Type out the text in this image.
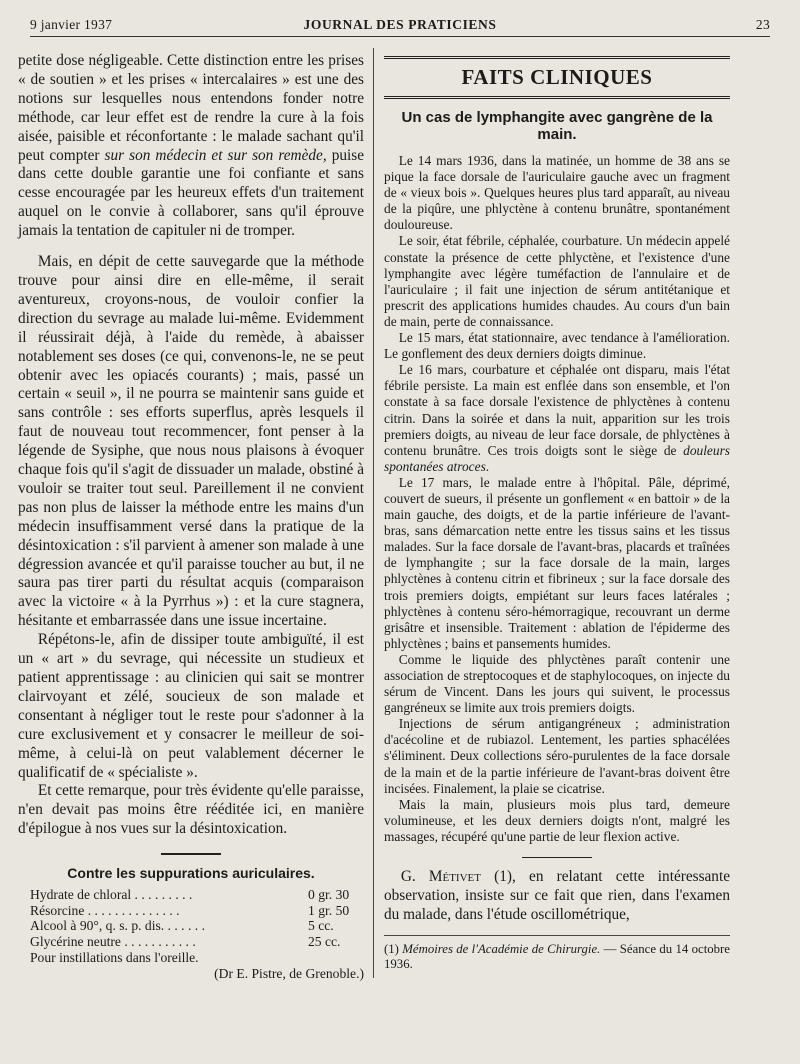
9 janvier 1937	JOURNAL DES PRATICIENS	23

petite dose négligeable. Cette distinction entre les prises « de soutien » et les prises « intercalaires » est une des notions sur lesquelles nous entendons fonder notre méthode, car leur effet est de rendre la cure à la fois aisée, paisible et réconfortante : le malade sachant qu'il peut compter sur son médecin et sur son remède, puise dans cette double garantie une foi confiante et sans cesse encouragée par les heureux effets d'un traitement auquel on le convie à collaborer, sans qu'il éprouve jamais la tentation de capituler ni de tromper.

Mais, en dépit de cette sauvegarde que la méthode trouve pour ainsi dire en elle-même, il serait aventureux, croyons-nous, de vouloir confier la direction du sevrage au malade lui-même. Evidemment il réussirait déjà, à l'aide du remède, à abaisser notablement ses doses (ce qui, convenons-le, ne se peut obtenir avec les opiacés courants) ; mais, passé un certain « seuil », il ne pourra se maintenir sans guide et sans contrôle : ses efforts superflus, après lesquels il faut de nouveau tout recommencer, font penser à la légende de Sysiphe, que nous nous plaisons à évoquer chaque fois qu'il s'agit de dissuader un malade, obstiné à vouloir se traiter tout seul. Pareillement il ne convient pas non plus de laisser la méthode entre les mains d'un médecin insuffisamment versé dans la pratique de la désintoxication : s'il parvient à amener son malade à une dégression avancée et qu'il paraisse toucher au but, il ne saura pas tirer parti du résultat acquis (comparaison avec la victoire « à la Pyrrhus ») : et la cure stagnera, hésitante et embarrassée dans une issue incertaine.

Répétons-le, afin de dissiper toute ambiguïté, il est un « art » du sevrage, qui nécessite un studieux et patient apprentissage : au clinicien qui sait se montrer clairvoyant et zélé, soucieux de son malade et consentant à négliger tout le reste pour s'adonner à la cure exclusivement et y consacrer le meilleur de soi-même, à celui-là on peut valablement décerner le qualificatif de « spécialiste ».

Et cette remarque, pour très évidente qu'elle paraisse, n'en devait pas moins être rééditée ici, en manière d'épilogue à nos vues sur la désintoxication.

Contre les suppurations auriculaires.

Hydrate de chloral . . . . . . . . .	0 gr. 30
Résorcine . . . . . . . . . . . . . .	1 gr. 50
Alcool à 90°, q. s. p. dis. . . . . . .	5 cc.
Glycérine neutre . . . . . . . . . . .	25 cc.
Pour instillations dans l'oreille.
(Dr E. Pistre, de Grenoble.)
FAITS CLINIQUES

Un cas de lymphangite avec gangrène de la main.

Le 14 mars 1936, dans la matinée, un homme de 38 ans se pique la face dorsale de l'auriculaire gauche avec un fragment de « vieux bois ». Quelques heures plus tard apparaît, au niveau de la piqûre, une phlyctène à contenu brunâtre, spontanément douloureuse.

Le soir, état fébrile, céphalée, courbature. Un médecin appelé constate la présence de cette phlyctène, et l'existence d'une lymphangite avec légère tuméfaction de l'annulaire et de l'auriculaire ; il fait une injection de sérum antitétanique et prescrit des applications humides chaudes. Au cours d'un bain de main, perte de connaissance.

Le 15 mars, état stationnaire, avec tendance à l'amélioration. Le gonflement des deux derniers doigts diminue.

Le 16 mars, courbature et céphalée ont disparu, mais l'état fébrile persiste. La main est enflée dans son ensemble, et l'on constate à sa face dorsale l'existence de phlyctènes à contenu citrin. Dans la soirée et dans la nuit, apparition sur les trois premiers doigts, au niveau de leur face dorsale, de phlyctènes à contenu brunâtre. Ces trois doigts sont le siège de douleurs spontanées atroces.

Le 17 mars, le malade entre à l'hôpital. Pâle, déprimé, couvert de sueurs, il présente un gonflement « en battoir » de la main gauche, des doigts, et de la partie inférieure de l'avant-bras, sans démarcation nette entre les tissus sains et les tissus malades. Sur la face dorsale de l'avant-bras, placards et traînées de lymphangite ; sur la face dorsale de la main, larges phlyctènes à contenu citrin et fibrineux ; sur la face dorsale des trois premiers doigts, empiétant sur leurs faces latérales ; phlyctènes à contenu séro-hémorragique, recouvrant un derme grisâtre et insensible. Traitement : ablation de l'épiderme des phlyctènes ; bains et pansements humides.

Comme le liquide des phlyctènes paraît contenir une association de streptocoques et de staphylocoques, on injecte du sérum de Vincent. Dans les jours qui suivent, le processus gangréneux se limite aux trois premiers doigts.

Injections de sérum antigangréneux ; administration d'acécoline et de rubiazol. Lentement, les parties sphacélées s'éliminent. Deux collections séro-purulentes de la face dorsale de la main et de la partie inférieure de l'avant-bras doivent être incisées. Finalement, la plaie se cicatrise.

Mais la main, plusieurs mois plus tard, demeure volumineuse, et les deux derniers doigts n'ont, malgré les massages, récupéré qu'une partie de leur flexion active.

G. Métivet (1), en relatant cette intéressante observation, insiste sur ce fait que rien, dans l'examen du malade, dans l'étude oscillométrique,

(1) Mémoires de l'Académie de Chirurgie. — Séance du 14 octobre 1936.
